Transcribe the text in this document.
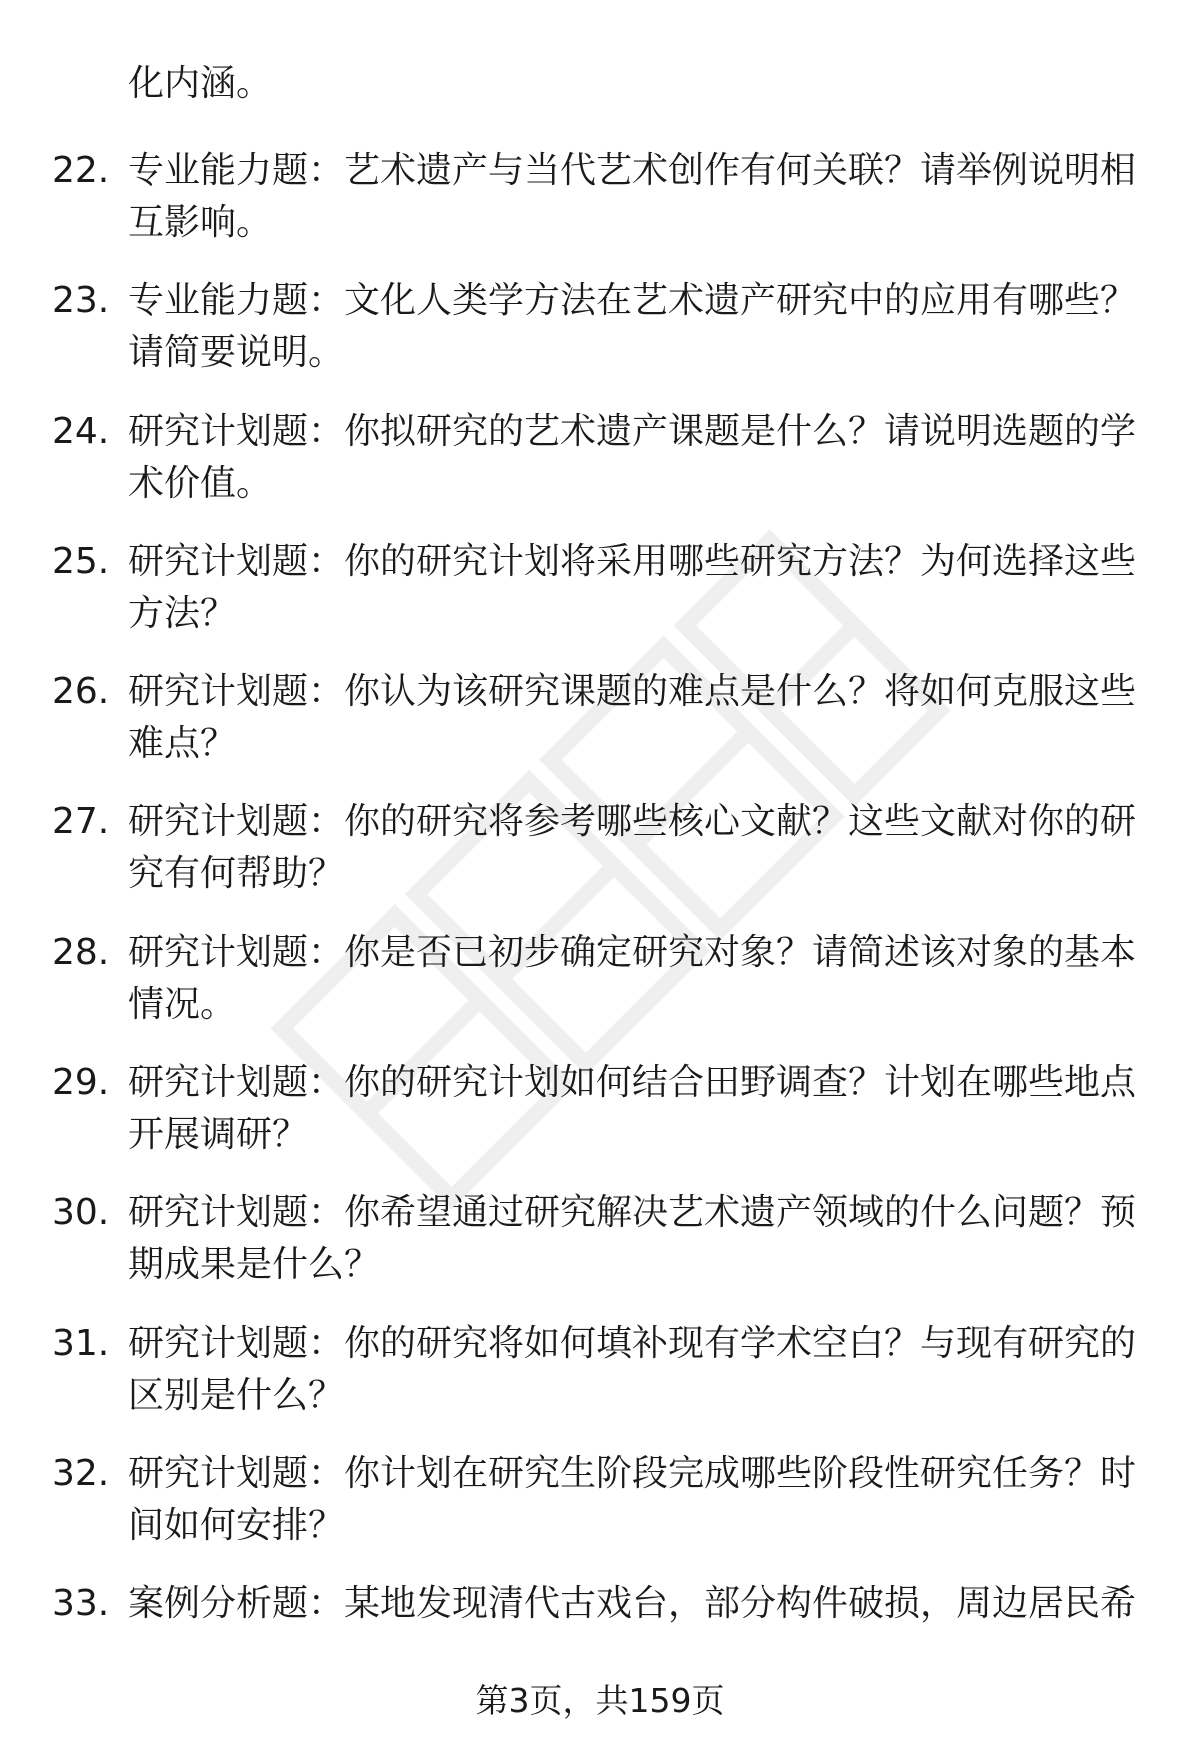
化内涵。
22. 专业能力题：艺术遗产与当代艺术创作有何关联？请举例说明相
互影响。

23. 专业能力题：文化人类学方法在艺术遗产研究中的应用有哪些？
请简要说明。

24. 研究计划题：你拟研究的艺术遗产课题是什么？请说明选题的学
术价值。

25. 研究计划题：你的研究计划将采用哪些研究方法？为何选择这些
方法？

26. 研究计划题：你认为该研究课题的难点是什么？将如何克服这些
难点？

27. 研究计划题：你的研究将参考哪些核心文献？这些文献对你的研
究有何帮助？

28. 研究计划题：你是否已初步确定研究对象？请简述该对象的基本
情况。

29. 研究计划题：你的研究计划如何结合田野调查？计划在哪些地点
开展调研？

30. 研究计划题：你希望通过研究解决艺术遗产领域的什么问题？预
期成果是什么？

31. 研究计划题：你的研究将如何填补现有学术空白？与现有研究的
区别是什么？

32. 研究计划题：你计划在研究生阶段完成哪些阶段性研究任务？时
间如何安排？

33. 案例分析题：某地发现清代古戏台，部分构件破损，周边居民希

第3页，共159页
